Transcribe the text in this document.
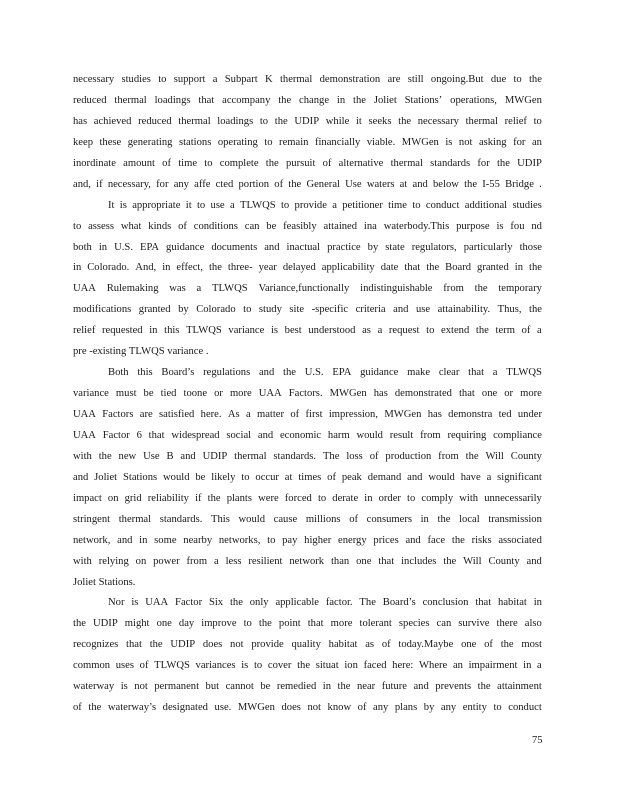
necessary studies to support a Subpart K thermal demonstration are still ongoing.But due to the
reduced thermal loadings that accompany the change in the Joliet Stations’ operations, MWGen
has achieved reduced thermal loadings to the UDIP while it seeks the necessary thermal relief to
keep these generating stations operating to remain financially viable. MWGen is not asking for an
inordinate amount of time to complete the pursuit of alternative thermal standards for the UDIP
and, if necessary, for any affe cted portion of the General Use waters at and below the I-55 Bridge .
It is appropriate it to use a TLWQS to provide a petitioner time to conduct additional studies
to assess what kinds of conditions can be feasibly attained ina waterbody.This purpose is fou nd
both in U.S. EPA guidance documents and inactual practice by state regulators, particularly those
in Colorado. And, in effect, the three- year delayed applicability date that the Board granted in the
UAA Rulemaking was a TLWQS Variance,functionally indistinguishable from the temporary
modifications granted by Colorado to study site -specific criteria and use attainability. Thus, the
relief requested in this TLWQS variance is best understood as a request to extend the term of a
pre -existing TLWQS variance .
Both this Board’s regulations and the U.S. EPA guidance make clear that a TLWQS
variance must be tied toone or more UAA Factors. MWGen has demonstrated that one or more
UAA Factors are satisfied here. As a matter of first impression, MWGen has demonstra ted under
UAA Factor 6 that widespread social and economic harm would result from requiring compliance
with the new Use B and UDIP thermal standards. The loss of production from the Will County
and Joliet Stations would be likely to occur at times of peak demand and would have a significant
impact on grid reliability if the plants were forced to derate in order to comply with unnecessarily
stringent thermal standards. This would cause millions of consumers in the local transmission
network, and in some nearby networks, to pay higher energy prices and face the risks associated
with relying on power from a less resilient network than one that includes the Will County and
Joliet Stations.
Nor is UAA Factor Six the only applicable factor. The Board’s conclusion that habitat in
the UDIP might one day improve to the point that more tolerant species can survive there also
recognizes that the UDIP does not provide quality habitat as of today.Maybe one of the most
common uses of TLWQS variances is to cover the situat ion faced here: Where an impairment in a
waterway is not permanent but cannot be remedied in the near future and prevents the attainment
of the waterway’s designated use. MWGen does not know of any plans by any entity to conduct
75
